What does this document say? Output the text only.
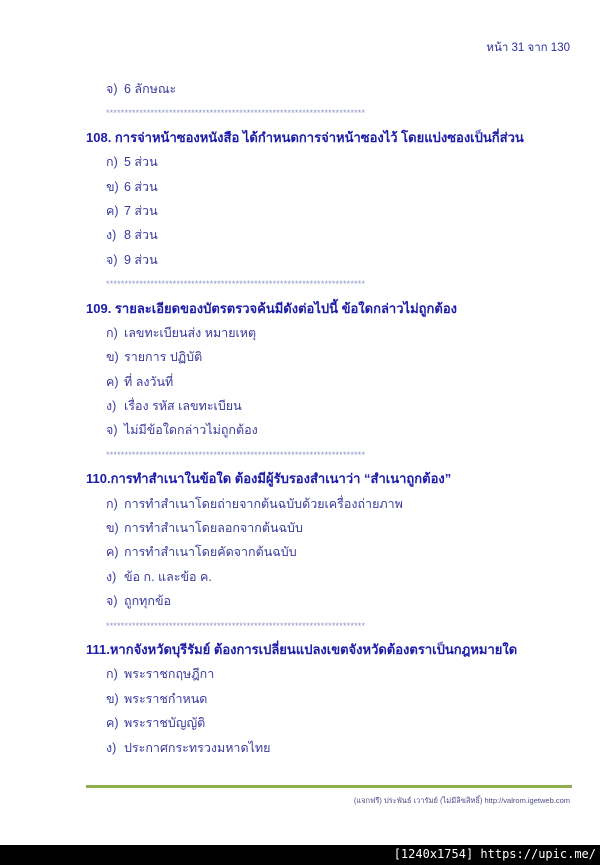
หน้า 31 จาก 130
จ) 6 ลักษณะ
**********************************************************************
108. การจ่าหน้าซองหนังสือ ได้กำหนดการจ่าหน้าซองไว้ โดยแบ่งซองเป็นกี่ส่วน
ก) 5 ส่วน
ข) 6 ส่วน
ค) 7 ส่วน
ง) 8 ส่วน
จ) 9 ส่วน
**********************************************************************
109. รายละเอียดของบัตรตรวจค้นมีดังต่อไปนี้ ข้อใดกล่าวไม่ถูกต้อง
ก) เลขทะเบียนส่ง หมายเหตุ
ข) รายการ ปฏิบัติ
ค) ที่ ลงวันที่
ง) เรื่อง รหัส เลขทะเบียน
จ) ไม่มีข้อใดกล่าวไม่ถูกต้อง
**********************************************************************
110.การทำสำเนาในข้อใด ต้องมีผู้รับรองสำเนาว่า “สำเนาถูกต้อง”
ก) การทำสำเนาโดยถ่ายจากต้นฉบับด้วยเครื่องถ่ายภาพ
ข) การทำสำเนาโดยลอกจากต้นฉบับ
ค) การทำสำเนาโดยคัดจากต้นฉบับ
ง) ข้อ ก. และข้อ ค.
จ) ถูกทุกข้อ
**********************************************************************
111.หากจังหวัดบุรีรัมย์ ต้องการเปลี่ยนแปลงเขตจังหวัดต้องตราเป็นกฎหมายใด
ก) พระราชกฤษฎีกา
ข) พระราชกำหนด
ค) พระราชบัญญัติ
ง) ประกาศกระทรวงมหาดไทย
(แจกฟรี) ประพันธ์ เวารัมย์ (ไม่มีลิขสิทธิ์) http://valrom.igetweb.com
[1240x1754] https://upic.me/
